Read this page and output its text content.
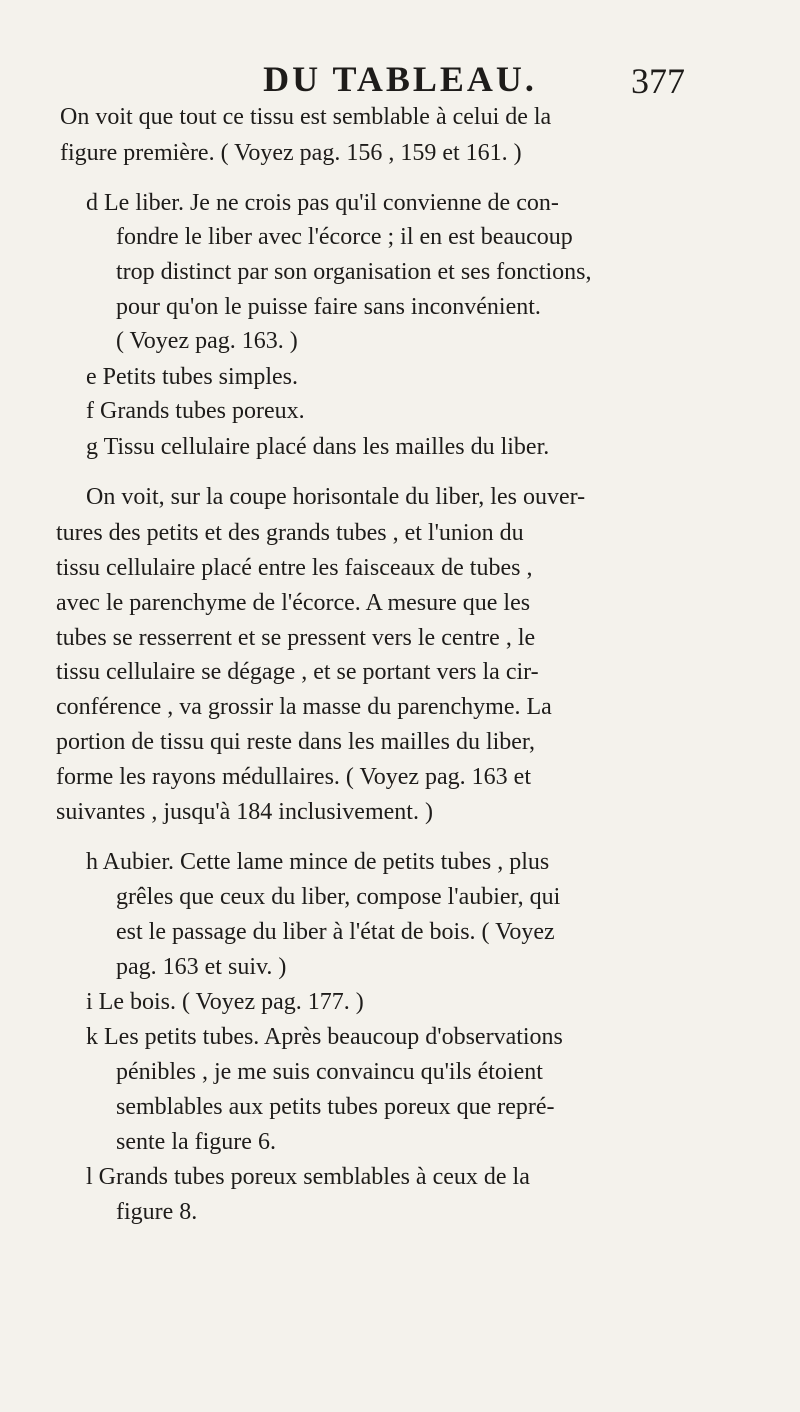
DU TABLEAU.	377
On voit que tout ce tissu est semblable à celui de la
figure première. ( Voyez pag. 156 , 159 et 161. )
d Le liber. Je ne crois pas qu'il convienne de con-
fondre le liber avec l'écorce ; il en est beaucoup
trop distinct par son organisation et ses fonctions,
pour qu'on le puisse faire sans inconvénient.
( Voyez pag. 163. )
e Petits tubes simples.
f Grands tubes poreux.
g Tissu cellulaire placé dans les mailles du liber.
On voit, sur la coupe horisontale du liber, les ouver-
tures des petits et des grands tubes , et l'union du
tissu cellulaire placé entre les faisceaux de tubes ,
avec le parenchyme de l'écorce. A mesure que les
tubes se resserrent et se pressent vers le centre , le
tissu cellulaire se dégage , et se portant vers la cir-
conférence , va grossir la masse du parenchyme. La
portion de tissu qui reste dans les mailles du liber,
forme les rayons médullaires. ( Voyez pag. 163 et
suivantes , jusqu'à 184 inclusivement. )
h Aubier. Cette lame mince de petits tubes , plus
grêles que ceux du liber, compose l'aubier, qui
est le passage du liber à l'état de bois. ( Voyez
pag. 163 et suiv. )
i Le bois. ( Voyez pag. 177. )
k Les petits tubes. Après beaucoup d'observations
pénibles , je me suis convaincu qu'ils étoient
semblables aux petits tubes poreux que repré-
sente la figure 6.
l Grands tubes poreux semblables à ceux de la
figure 8.
